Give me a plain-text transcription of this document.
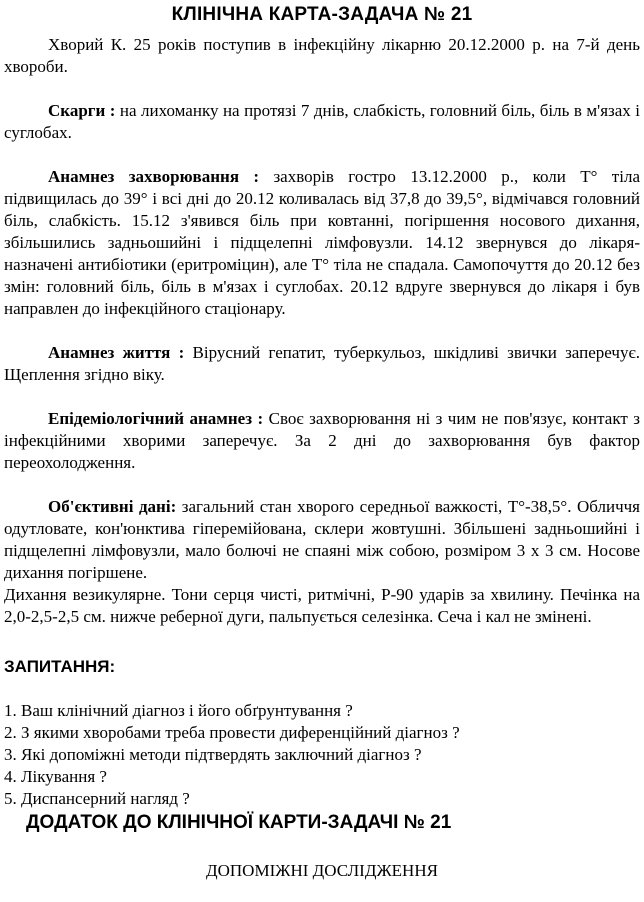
КЛІНІЧНА КАРТА-ЗАДАЧА № 21

Хворий К. 25 років поступив в інфекційну лікарню 20.12.2000 р. на 7-й день хвороби.

Скарги : на лихоманку на протязі 7 днів, слабкість, головний біль, біль в м'язах і суглобах.

Анамнез захворювання : захворів гостро 13.12.2000 р., коли Т° тіла підвищилась до 39° і всі дні до 20.12 коливалась від 37,8 до 39,5°, відмічався головний біль, слабкість. 15.12 з'явився біль при ковтанні, погіршення носового дихання, збільшились задньошийні і підщелепні лімфовузли. 14.12 звернувся до лікаря-назначені антибіотики (еритроміцин), але Т° тіла не спадала. Самопочуття до 20.12 без змін: головний біль, біль в м'язах і суглобах. 20.12 вдруге звернувся до лікаря і був направлен до інфекційного стаціонару.

Анамнез життя : Вірусний гепатит, туберкульоз, шкідливі звички заперечує. Щеплення згідно віку.

Епідеміологічний анамнез : Своє захворювання ні з чим не пов'язує, контакт з інфекційними хворими заперечує. За 2 дні до захворювання був фактор переохолодження.

Об'єктивні дані: загальний стан хворого середньої важкості, Т°-38,5°. Обличчя одутловате, кон'юнктива гіперемійована, склери жовтушні. Збільшені задньошийні і підщелепні лімфовузли, мало болючі не спаяні між собою, розміром 3 х 3 см. Носове дихання погіршене.

Дихання везикулярне. Тони серця чисті, ритмічні, Р-90 ударів за хвилину. Печінка на 2,0-2,5-2,5 см. нижче реберної дуги, пальпується селезінка. Сеча і кал не змінені.

ЗАПИТАННЯ:
1. Ваш клінічний діагноз і його обґрунтування ?
2. З якими хворобами треба провести диференційний діагноз ?
3. Які допоміжні методи підтвердять заключний діагноз ?
4. Лікування ?
5. Диспансерний нагляд ?
ДОДАТОК ДО КЛІНІЧНОЇ КАРТИ-ЗАДАЧІ № 21
ДОПОМІЖНІ ДОСЛІДЖЕННЯ
